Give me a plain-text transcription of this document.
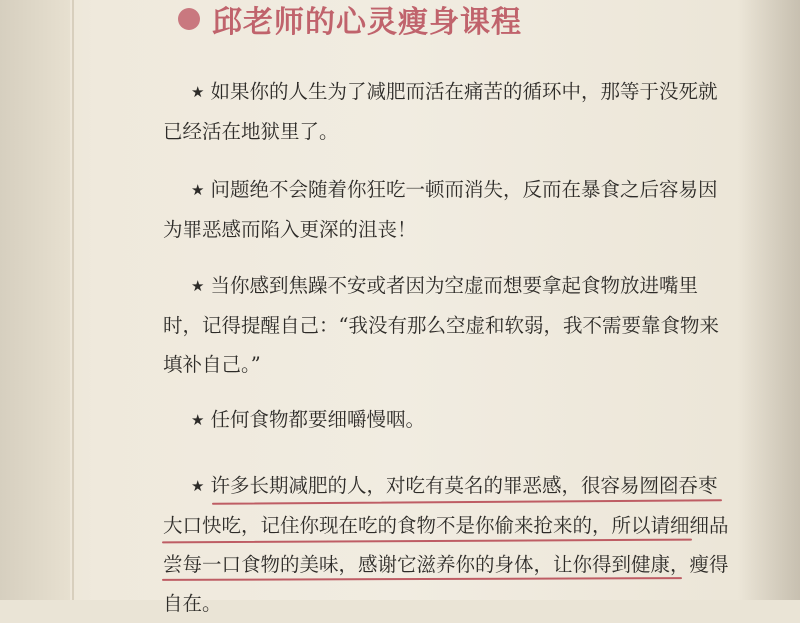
邱老师的心灵瘦身课程
★ 如果你的人生为了减肥而活在痛苦的循环中，那等于没死就
已经活在地狱里了。
★ 问题绝不会随着你狂吃一顿而消失，反而在暴食之后容易因
为罪恶感而陷入更深的沮丧！
★ 当你感到焦躁不安或者因为空虚而想要拿起食物放进嘴里
时，记得提醒自己：“我没有那么空虚和软弱，我不需要靠食物来
填补自己。”
★ 任何食物都要细嚼慢咽。
★ 许多长期减肥的人，对吃有莫名的罪恶感，很容易囫囵吞枣
大口快吃，记住你现在吃的食物不是你偷来抢来的，所以请细细品
尝每一口食物的美味，感谢它滋养你的身体，让你得到健康，瘦得
自在。
